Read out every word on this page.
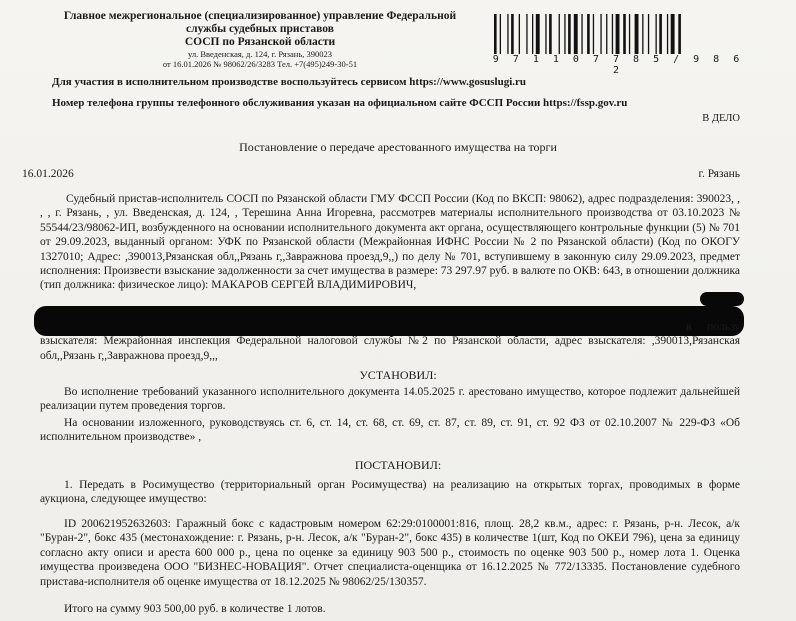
Главное межрегиональное (специализированное) управление Федеральной
службы судебных приставов
СОСП по Рязанской области
ул. Введенская, д. 124, г. Рязань, 390023
от 16.01.2026 № 98062/26/3283 Тел. +7(495)249-30-51	9 7 1 1 0 7 7 8 5 / 9 8 6 2
Для участия в исполнительном производстве воспользуйтесь сервисом https://www.gosuslugi.ru
Номер телефона группы телефонного обслуживания указан на официальном сайте ФССП России https://fssp.gov.ru
В ДЕЛО
Постановление о передаче арестованного имущества на торги
16.01.2026	г. Рязань
Судебный пристав-исполнитель СОСП по Рязанской области ГМУ ФССП России (Код по ВКСП: 98062), адрес подразделения: 390023, , , , г. Рязань, , ул. Введенская, д. 124, , Терешина Анна Игоревна, рассмотрев материалы исполнительного производства от 03.10.2023 № 55544/23/98062-ИП, возбужденного на основании исполнительного документа акт органа, осуществляющего контрольные функции (5) № 701 от 29.09.2023, выданный органом: УФК по Рязанской области (Межрайонная ИФНС России № 2 по Рязанской области) (Код по ОКОГУ 1327010; Адрес: ,390013,Рязанская обл,,Рязань г,,Завражнова проезд,9,,) по делу № 701, вступившему в законную силу 29.09.2023, предмет исполнения: Произвести взыскание задолженности за счет имущества в размере: 73 297.97 руб. в валюте по ОКВ: 643, в отношении должника (тип должника: физическое лицо): МАКАРОВ СЕРГЕЙ ВЛАДИМИРОВИЧ,
в пользу взыскателя: Межрайонная инспекция Федеральной налоговой службы №2 по Рязанской области, адрес взыскателя: ,390013,Рязанская обл,,Рязань г,,Завражнова проезд,9,,,
УСТАНОВИЛ:
Во исполнение требований указанного исполнительного документа 14.05.2025 г. арестовано имущество, которое подлежит дальнейшей реализации путем проведения торгов.
На основании изложенного, руководствуясь ст. 6, ст. 14, ст. 68, ст. 69, ст. 87, ст. 89, ст. 91, ст. 92 ФЗ от 02.10.2007 № 229-ФЗ «Об исполнительном производстве» ,
ПОСТАНОВИЛ:
1. Передать в Росимущество (территориальный орган Росимущества) на реализацию на открытых торгах, проводимых в форме аукциона, следующее имущество:
ID 200621952632603: Гаражный бокс с кадастровым номером 62:29:0100001:816, площ. 28,2 кв.м., адрес: г. Рязань, р-н. Лесок, а/к "Буран-2", бокс 435 (местонахождение: г. Рязань, р-н. Лесок, а/к "Буран-2", бокс 435) в количестве 1(шт, Код по ОКЕИ 796), цена за единицу согласно акту описи и ареста 600 000 р., цена по оценке за единицу 903 500 р., стоимость по оценке 903 500 р., номер лота 1. Оценка имущества произведена ООО "БИЗНЕС-НОВАЦИЯ". Отчет специалиста-оценщика от 16.12.2025 № 772/13335. Постановление судебного пристава-исполнителя об оценке имущества от 18.12.2025 № 98062/25/130357.
Итого на сумму 903 500,00 руб. в количестве 1 лотов.
